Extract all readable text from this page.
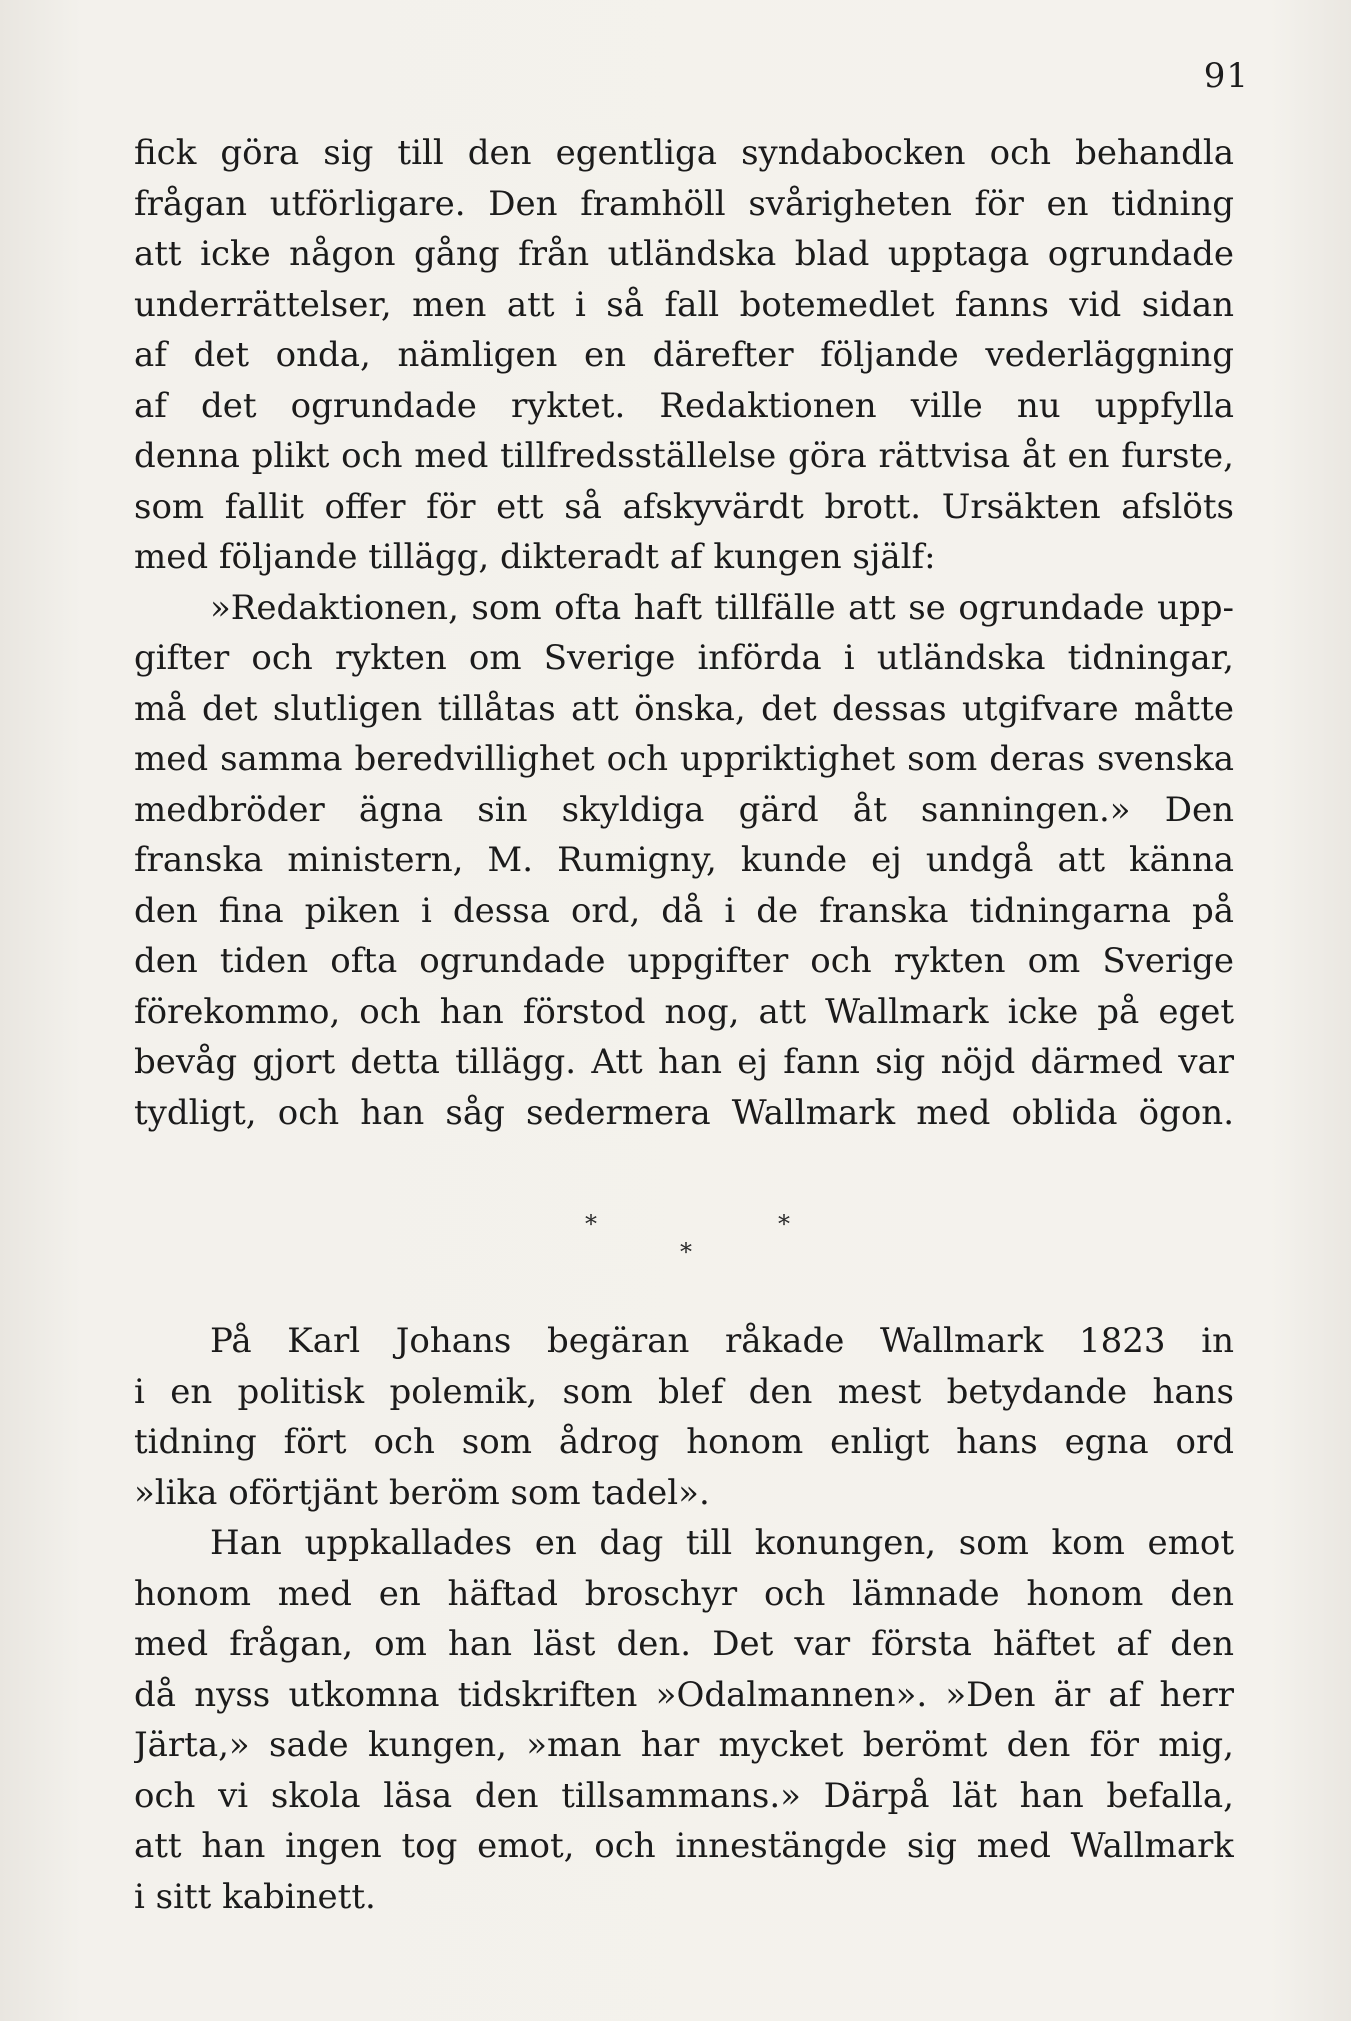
91
fick göra sig till den egentliga syndabocken och behandla
frågan utförligare. Den framhöll svårigheten för en tidning
att icke någon gång från utländska blad upptaga ogrundade
underrättelser, men att i så fall botemedlet fanns vid sidan
af det onda, nämligen en därefter följande vederläggning
af det ogrundade ryktet. Redaktionen ville nu uppfylla
denna plikt och med tillfredsställelse göra rättvisa åt en furste,
som fallit offer för ett så afskyvärdt brott. Ursäkten afslöts
med följande tillägg, dikteradt af kungen själf:
»Redaktionen, som ofta haft tillfälle att se ogrundade upp-
gifter och rykten om Sverige införda i utländska tidningar,
må det slutligen tillåtas att önska, det dessas utgifvare måtte
med samma beredvillighet och uppriktighet som deras svenska
medbröder ägna sin skyldiga gärd åt sanningen.» Den
franska ministern, M. Rumigny, kunde ej undgå att känna
den fina piken i dessa ord, då i de franska tidningarna på
den tiden ofta ogrundade uppgifter och rykten om Sverige
förekommo, och han förstod nog, att Wallmark icke på eget
bevåg gjort detta tillägg. Att han ej fann sig nöjd därmed var
tydligt, och han såg sedermera Wallmark med oblida ögon.
*	*
*
På Karl Johans begäran råkade Wallmark 1823 in
i en politisk polemik, som blef den mest betydande hans
tidning fört och som ådrog honom enligt hans egna ord
»lika oförtjänt beröm som tadel».
Han uppkallades en dag till konungen, som kom emot
honom med en häftad broschyr och lämnade honom den
med frågan, om han läst den. Det var första häftet af den
då nyss utkomna tidskriften »Odalmannen». »Den är af herr
Järta,» sade kungen, »man har mycket berömt den för mig,
och vi skola läsa den tillsammans.» Därpå lät han befalla,
att han ingen tog emot, och innestängde sig med Wallmark
i sitt kabinett.
